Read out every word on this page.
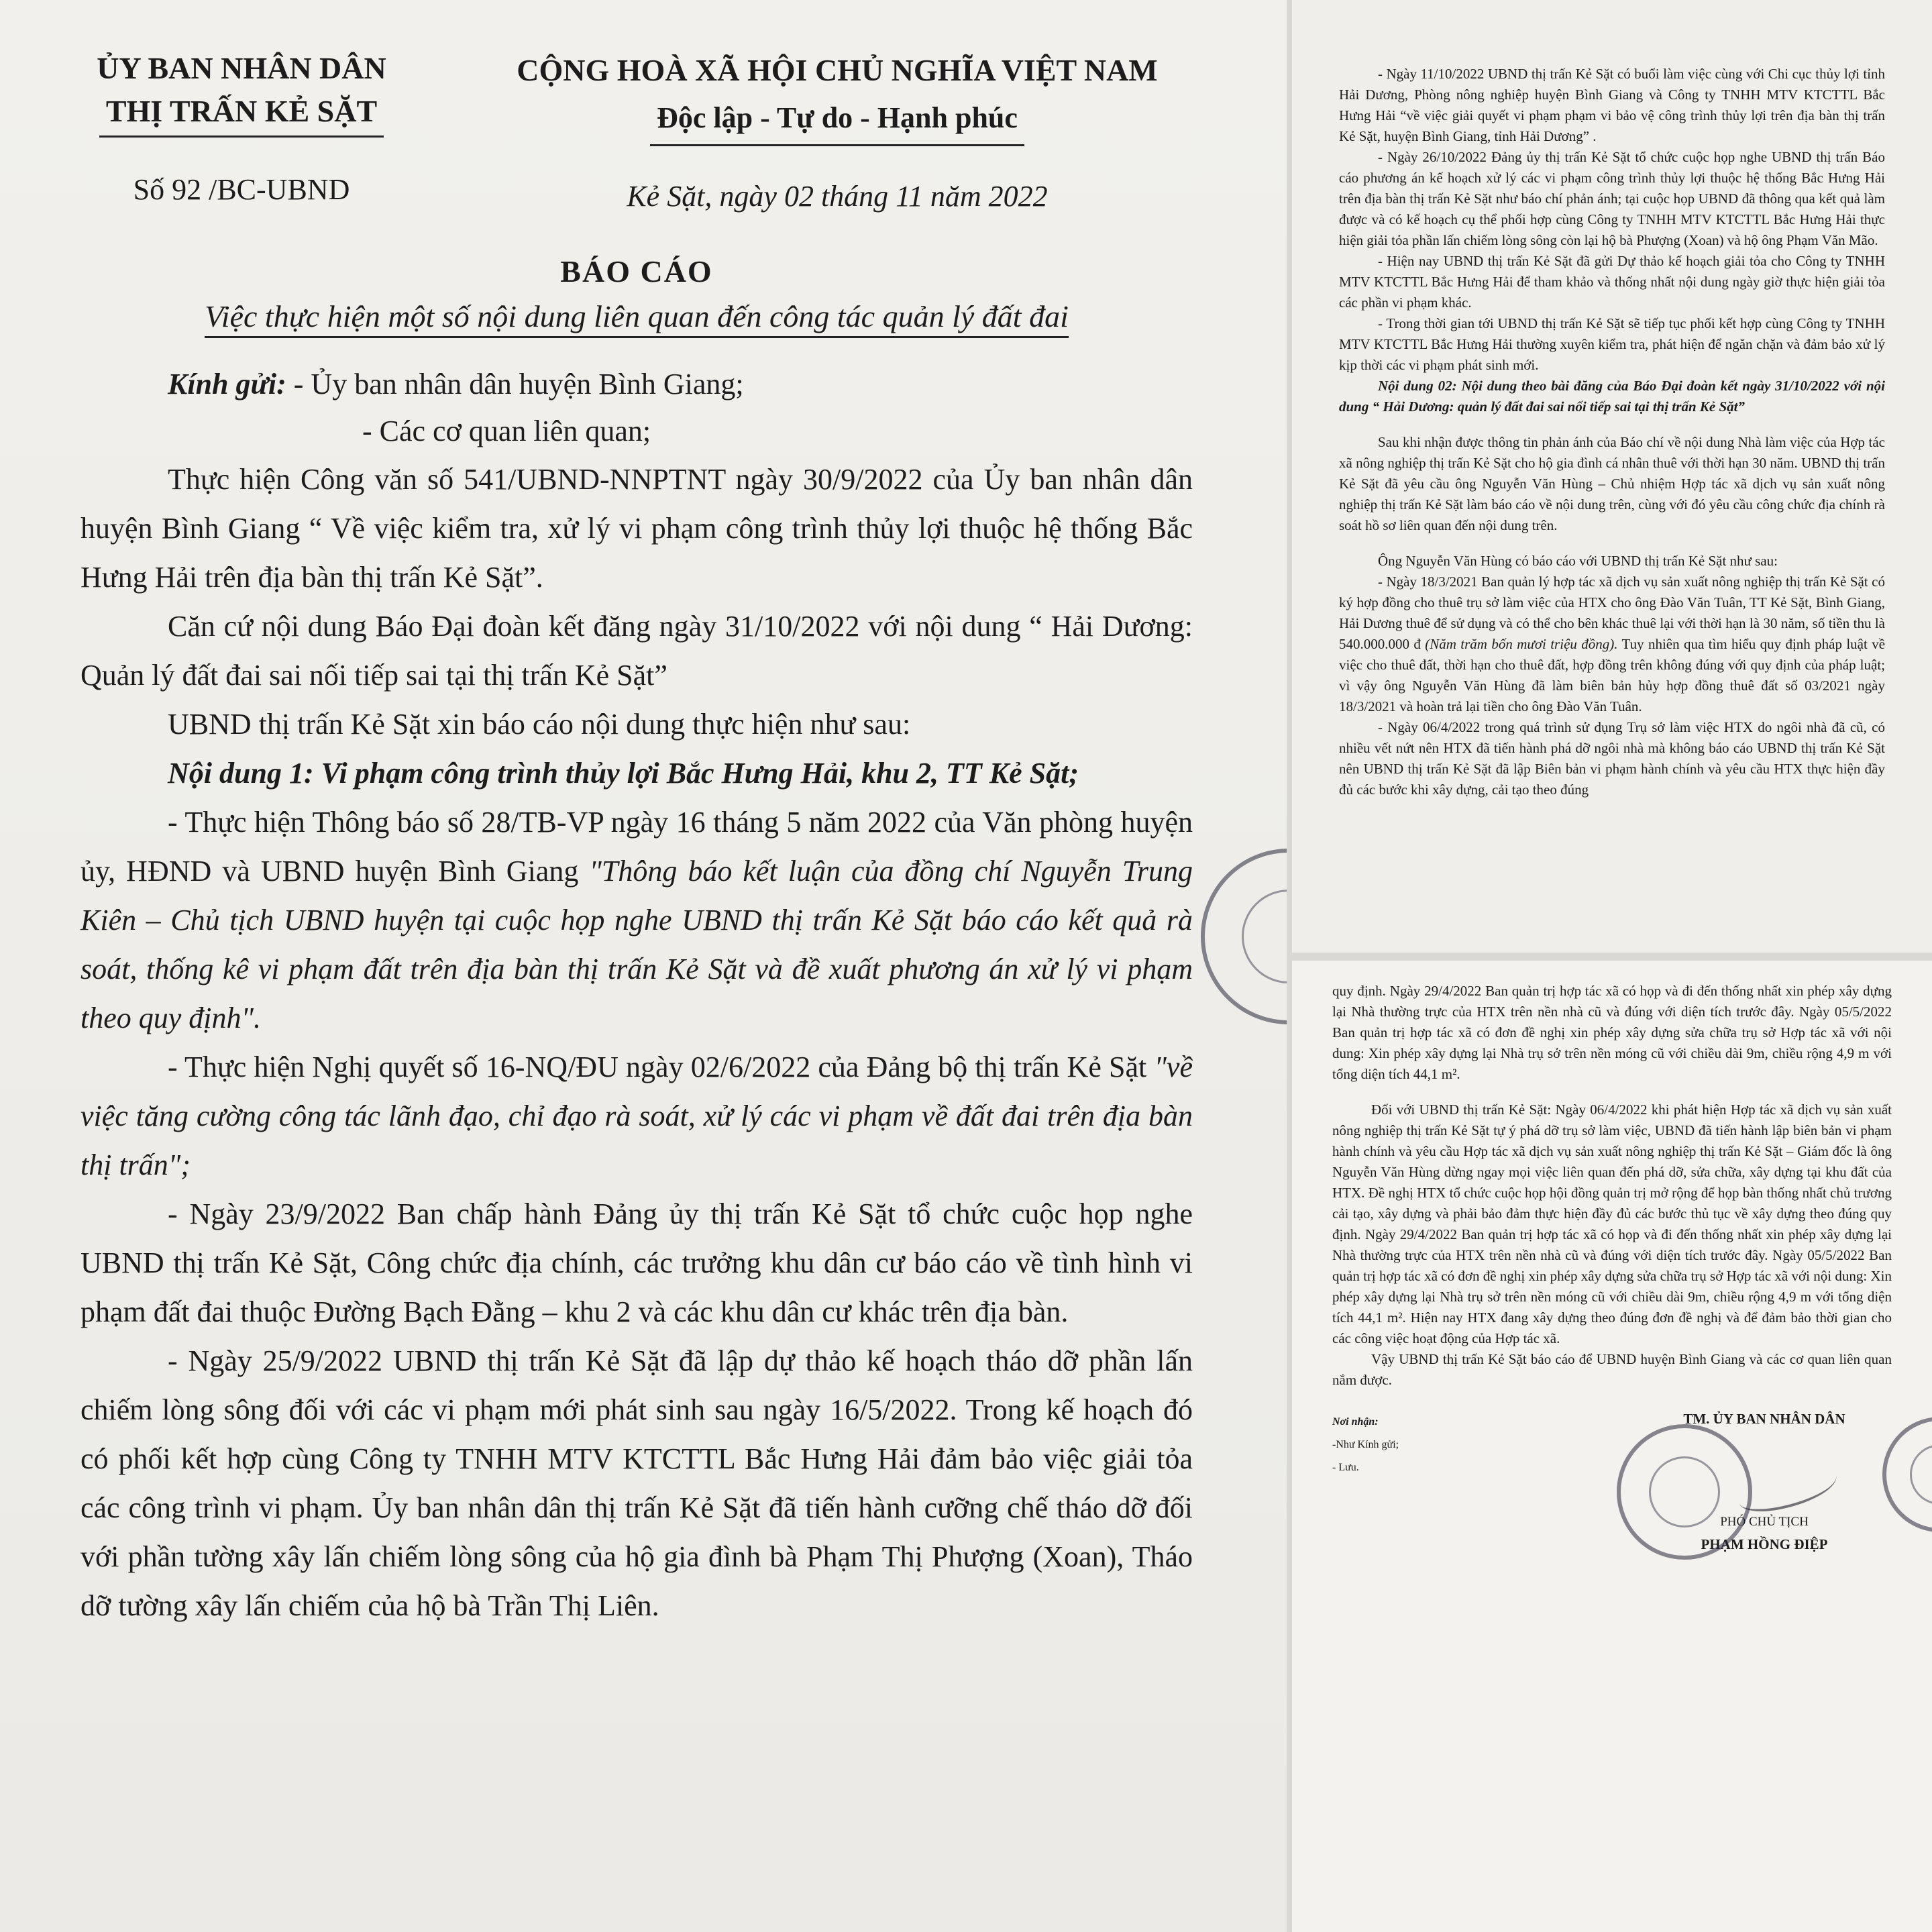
ỦY BAN NHÂN DÂN
THỊ TRẤN KẺ SẶT
Số 92 /BC-UBND
CỘNG HOÀ XÃ HỘI CHỦ NGHĨA VIỆT NAM
Độc lập - Tự do - Hạnh phúc
Kẻ Sặt, ngày 02 tháng 11 năm 2022
BÁO CÁO
Việc thực hiện một số nội dung liên quan đến công tác quản lý đất đai
Kính gửi: - Ủy ban nhân dân huyện Bình Giang;
- Các cơ quan liên quan;

Thực hiện Công văn số 541/UBND-NNPTNT ngày 30/9/2022 của Ủy ban nhân dân huyện Bình Giang “ Về việc kiểm tra, xử lý vi phạm công trình thủy lợi thuộc hệ thống Bắc Hưng Hải trên địa bàn thị trấn Kẻ Sặt”.

Căn cứ nội dung Báo Đại đoàn kết đăng ngày 31/10/2022 với nội dung “ Hải Dương: Quản lý đất đai sai nối tiếp sai tại thị trấn Kẻ Sặt”

UBND thị trấn Kẻ Sặt xin báo cáo nội dung thực hiện như sau:

Nội dung 1: Vi phạm công trình thủy lợi Bắc Hưng Hải, khu 2, TT Kẻ Sặt;

- Thực hiện Thông báo số 28/TB-VP ngày 16 tháng 5 năm 2022 của Văn phòng huyện ủy, HĐND và UBND huyện Bình Giang "Thông báo kết luận của đồng chí Nguyễn Trung Kiên – Chủ tịch UBND huyện tại cuộc họp nghe UBND thị trấn Kẻ Sặt báo cáo kết quả rà soát, thống kê vi phạm đất trên địa bàn thị trấn Kẻ Sặt và đề xuất phương án xử lý vi phạm theo quy định".

- Thực hiện Nghị quyết số 16-NQ/ĐU ngày 02/6/2022 của Đảng bộ thị trấn Kẻ Sặt "về việc tăng cường công tác lãnh đạo, chỉ đạo rà soát, xử lý các vi phạm về đất đai trên địa bàn thị trấn";

- Ngày 23/9/2022 Ban chấp hành Đảng ủy thị trấn Kẻ Sặt tổ chức cuộc họp nghe UBND thị trấn Kẻ Sặt, Công chức địa chính, các trưởng khu dân cư báo cáo về tình hình vi phạm đất đai thuộc Đường Bạch Đằng – khu 2 và các khu dân cư khác trên địa bàn.

- Ngày 25/9/2022 UBND thị trấn Kẻ Sặt đã lập dự thảo kế hoạch tháo dỡ phần lấn chiếm lòng sông đối với các vi phạm mới phát sinh sau ngày 16/5/2022. Trong kế hoạch đó có phối kết hợp cùng Công ty TNHH MTV KTCTTL Bắc Hưng Hải đảm bảo việc giải tỏa các công trình vi phạm. Ủy ban nhân dân thị trấn Kẻ Sặt đã tiến hành cưỡng chế tháo dỡ đối với phần tường xây lấn chiếm lòng sông của hộ gia đình bà Phạm Thị Phượng (Xoan), Tháo dỡ tường xây lấn chiếm của hộ bà Trần Thị Liên.

- Ngày 11/10/2022 UBND thị trấn Kẻ Sặt có buổi làm việc cùng với Chi cục thủy lợi tỉnh Hải Dương, Phòng nông nghiệp huyện Bình Giang và Công ty TNHH MTV KTCTTL Bắc Hưng Hải “về việc giải quyết vi phạm phạm vi bảo vệ công trình thủy lợi trên địa bàn thị trấn Kẻ Sặt, huyện Bình Giang, tỉnh Hải Dương” .

- Ngày 26/10/2022 Đảng ủy thị trấn Kẻ Sặt tổ chức cuộc họp nghe UBND thị trấn Báo cáo phương án kế hoạch xử lý các vi phạm công trình thủy lợi thuộc hệ thống Bắc Hưng Hải trên địa bàn thị trấn Kẻ Sặt như báo chí phản ánh; tại cuộc họp UBND đã thông qua kết quả làm được và có kế hoạch cụ thể phối hợp cùng Công ty TNHH MTV KTCTTL Bắc Hưng Hải thực hiện giải tỏa phần lấn chiếm lòng sông còn lại hộ bà Phượng (Xoan) và hộ ông Phạm Văn Mão.

- Hiện nay UBND thị trấn Kẻ Sặt đã gửi Dự thảo kế hoạch giải tỏa cho Công ty TNHH MTV KTCTTL Bắc Hưng Hải để tham khảo và thống nhất nội dung ngày giờ thực hiện giải tỏa các phần vi phạm khác.

- Trong thời gian tới UBND thị trấn Kẻ Sặt sẽ tiếp tục phối kết hợp cùng Công ty TNHH MTV KTCTTL Bắc Hưng Hải thường xuyên kiểm tra, phát hiện để ngăn chặn và đảm bảo xử lý kịp thời các vi phạm phát sinh mới.

Nội dung 02: Nội dung theo bài đăng của Báo Đại đoàn kết ngày 31/10/2022 với nội dung “ Hải Dương: quản lý đất đai sai nối tiếp sai tại thị trấn Kẻ Sặt”

Sau khi nhận được thông tin phản ánh của Báo chí về nội dung Nhà làm việc của Hợp tác xã nông nghiệp thị trấn Kẻ Sặt cho hộ gia đình cá nhân thuê với thời hạn 30 năm. UBND thị trấn Kẻ Sặt đã yêu cầu ông Nguyễn Văn Hùng – Chủ nhiệm Hợp tác xã dịch vụ sản xuất nông nghiệp thị trấn Kẻ Sặt làm báo cáo về nội dung trên, cùng với đó yêu cầu công chức địa chính rà soát hồ sơ liên quan đến nội dung trên.

Ông Nguyễn Văn Hùng có báo cáo với UBND thị trấn Kẻ Sặt như sau:

- Ngày 18/3/2021 Ban quản lý hợp tác xã dịch vụ sản xuất nông nghiệp thị trấn Kẻ Sặt có ký hợp đồng cho thuê trụ sở làm việc của HTX cho ông Đào Văn Tuân, TT Kẻ Sặt, Bình Giang, Hải Dương thuê để sử dụng và có thể cho bên khác thuê lại với thời hạn là 30 năm, số tiền thu là 540.000.000 đ (Năm trăm bốn mươi triệu đồng). Tuy nhiên qua tìm hiểu quy định pháp luật về việc cho thuê đất, thời hạn cho thuê đất, hợp đồng trên không đúng với quy định của pháp luật; vì vậy ông Nguyễn Văn Hùng đã làm biên bản hủy hợp đồng thuê đất số 03/2021 ngày 18/3/2021 và hoàn trả lại tiền cho ông Đào Văn Tuân.

- Ngày 06/4/2022 trong quá trình sử dụng Trụ sở làm việc HTX do ngôi nhà đã cũ, có nhiều vết nứt nên HTX đã tiến hành phá dỡ ngôi nhà mà không báo cáo UBND thị trấn Kẻ Sặt nên UBND thị trấn Kẻ Sặt đã lập Biên bản vi phạm hành chính và yêu cầu HTX thực hiện đầy đủ các bước khi xây dựng, cải tạo theo đúng

quy định. Ngày 29/4/2022 Ban quản trị hợp tác xã có họp và đi đến thống nhất xin phép xây dựng lại Nhà thường trực của HTX trên nền nhà cũ và đúng với diện tích trước đây. Ngày 05/5/2022 Ban quản trị hợp tác xã có đơn đề nghị xin phép xây dựng sửa chữa trụ sở Hợp tác xã với nội dung: Xin phép xây dựng lại Nhà trụ sở trên nền móng cũ với chiều dài 9m, chiều rộng 4,9 m với tổng diện tích 44,1 m².

Đối với UBND thị trấn Kẻ Sặt: Ngày 06/4/2022 khi phát hiện Hợp tác xã dịch vụ sản xuất nông nghiệp thị trấn Kẻ Sặt tự ý phá dỡ trụ sở làm việc, UBND đã tiến hành lập biên bản vi phạm hành chính và yêu cầu Hợp tác xã dịch vụ sản xuất nông nghiệp thị trấn Kẻ Sặt – Giám đốc là ông Nguyễn Văn Hùng dừng ngay mọi việc liên quan đến phá dỡ, sửa chữa, xây dựng tại khu đất của HTX. Đề nghị HTX tổ chức cuộc họp hội đồng quản trị mở rộng để họp bàn thống nhất chủ trương cải tạo, xây dựng và phải bảo đảm thực hiện đầy đủ các bước thủ tục về xây dựng theo đúng quy định. Ngày 29/4/2022 Ban quản trị hợp tác xã có họp và đi đến thống nhất xin phép xây dựng lại Nhà thường trực của HTX trên nền nhà cũ và đúng với diện tích trước đây. Ngày 05/5/2022 Ban quản trị hợp tác xã có đơn đề nghị xin phép xây dựng sửa chữa trụ sở Hợp tác xã với nội dung: Xin phép xây dựng lại Nhà trụ sở trên nền móng cũ với chiều dài 9m, chiều rộng 4,9 m với tổng diện tích 44,1 m². Hiện nay HTX đang xây dựng theo đúng đơn đề nghị và để đảm bảo thời gian cho các công việc hoạt động của Hợp tác xã.

Vậy UBND thị trấn Kẻ Sặt báo cáo để UBND huyện Bình Giang và các cơ quan liên quan nắm được.

Nơi nhận:
-Như Kính gửi;
- Lưu.
TM. ỦY BAN NHÂN DÂN
PHÓ CHỦ TỊCH
PHẠM HỒNG ĐIỆP
